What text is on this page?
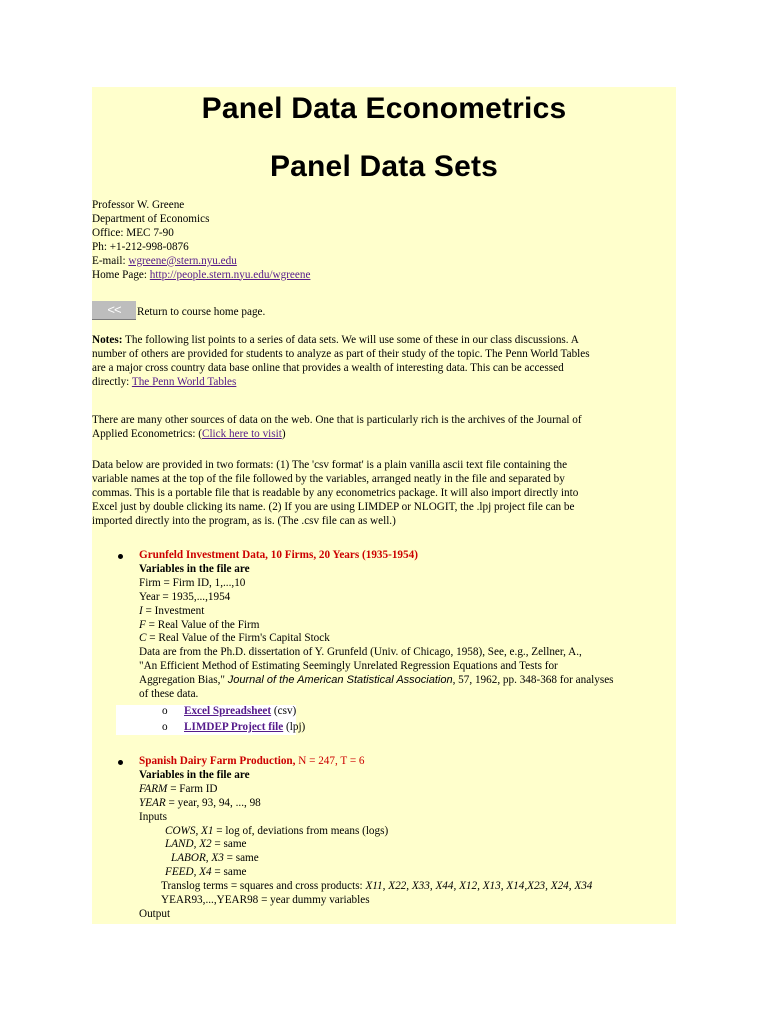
Panel Data Econometrics
Panel Data Sets
Professor W. Greene
Department of Economics
Office: MEC 7-90
Ph: +1-212-998-0876
E-mail: wgreene@stern.nyu.edu
Home Page: http://people.stern.nyu.edu/wgreene
<< Return to course home page.
Notes: The following list points to a series of data sets. We will use some of these in our class discussions. A
number of others are provided for students to analyze as part of their study of the topic. The Penn World Tables
are a major cross country data base online that provides a wealth of interesting data. This can be accessed
directly: The Penn World Tables
There are many other sources of data on the web. One that is particularly rich is the archives of the Journal of
Applied Econometrics: (Click here to visit)
Data below are provided in two formats: (1) The 'csv format' is a plain vanilla ascii text file containing the
variable names at the top of the file followed by the variables, arranged neatly in the file and separated by
commas. This is a portable file that is readable by any econometrics package. It will also import directly into
Excel just by double clicking its name. (2) If you are using LIMDEP or NLOGIT, the .lpj project file can be
imported directly into the program, as is. (The .csv file can as well.)
Grunfeld Investment Data, 10 Firms, 20 Years (1935-1954)
Variables in the file are
Firm = Firm ID, 1,...,10
Year = 1935,...,1954
I = Investment
F = Real Value of the Firm
C = Real Value of the Firm's Capital Stock
Data are from the Ph.D. dissertation of Y. Grunfeld (Univ. of Chicago, 1958), See, e.g., Zellner, A.,
"An Efficient Method of Estimating Seemingly Unrelated Regression Equations and Tests for
Aggregation Bias," Journal of the American Statistical Association, 57, 1962, pp. 348-368 for analyses
of these data.
o Excel Spreadsheet (csv)
o LIMDEP Project file (lpj)
Spanish Dairy Farm Production, N = 247, T = 6
Variables in the file are
FARM = Farm ID
YEAR = year, 93, 94, ..., 98
Inputs
COWS, X1 = log of, deviations from means (logs)
LAND, X2 = same
LABOR, X3 = same
FEED, X4 = same
Translog terms = squares and cross products: X11, X22, X33, X44, X12, X13, X14,X23, X24, X34
YEAR93,...,YEAR98 = year dummy variables
Output
